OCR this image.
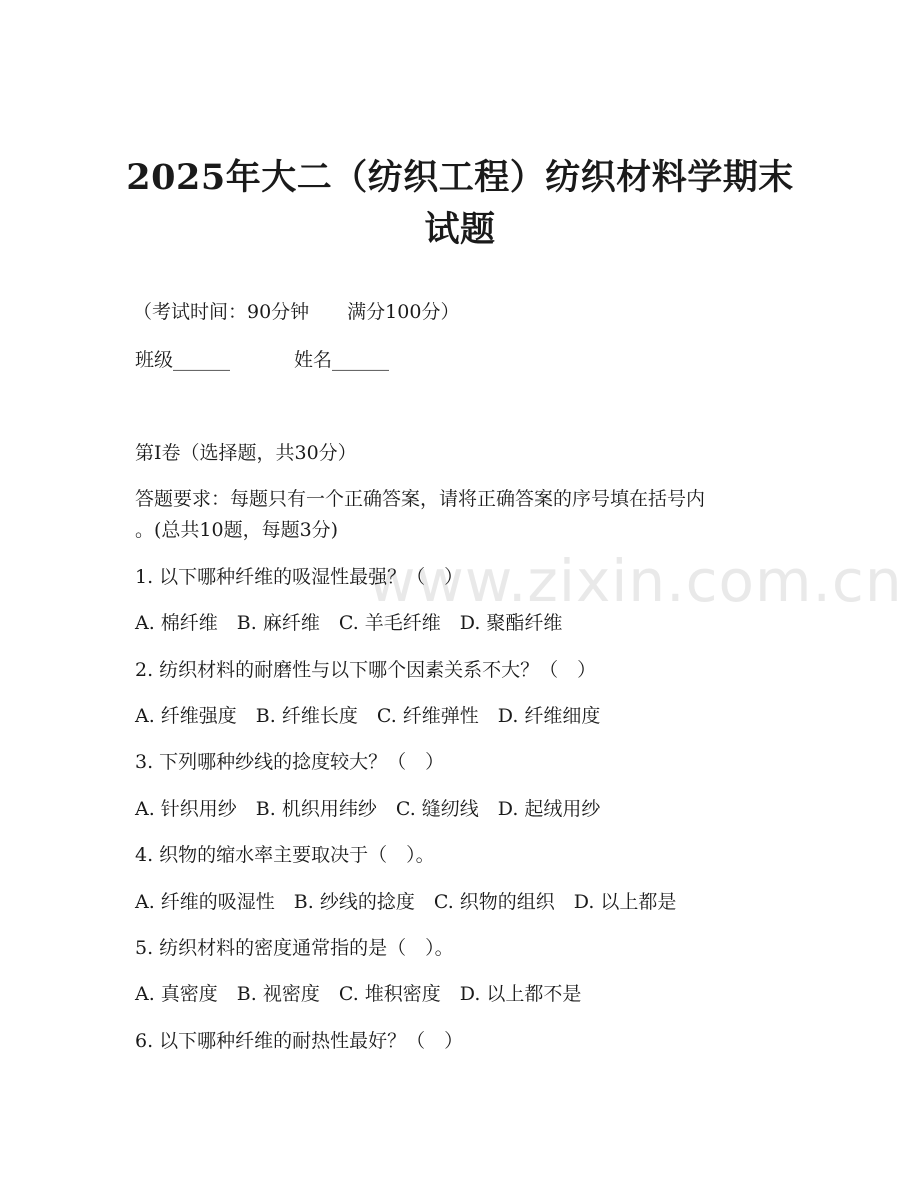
www.zixin.com.cn
2025年大二（纺织工程）纺织材料学期末试题
（考试时间：90分钟　　满分100分）
班级______	姓名______
第I卷（选择题，共30分）
答题要求：每题只有一个正确答案，请将正确答案的序号填在括号内
。(总共10题，每题3分)
1. 以下哪种纤维的吸湿性最强？（　）
A. 棉纤维　B. 麻纤维　C. 羊毛纤维　D. 聚酯纤维
2. 纺织材料的耐磨性与以下哪个因素关系不大？（　）
A. 纤维强度　B. 纤维长度　C. 纤维弹性　D. 纤维细度
3. 下列哪种纱线的捻度较大？（　）
A. 针织用纱　B. 机织用纬纱　C. 缝纫线　D. 起绒用纱
4. 织物的缩水率主要取决于（　）。
A. 纤维的吸湿性　B. 纱线的捻度　C. 织物的组织　D. 以上都是
5. 纺织材料的密度通常指的是（　）。
A. 真密度　B. 视密度　C. 堆积密度　D. 以上都不是
6. 以下哪种纤维的耐热性最好？（　）
